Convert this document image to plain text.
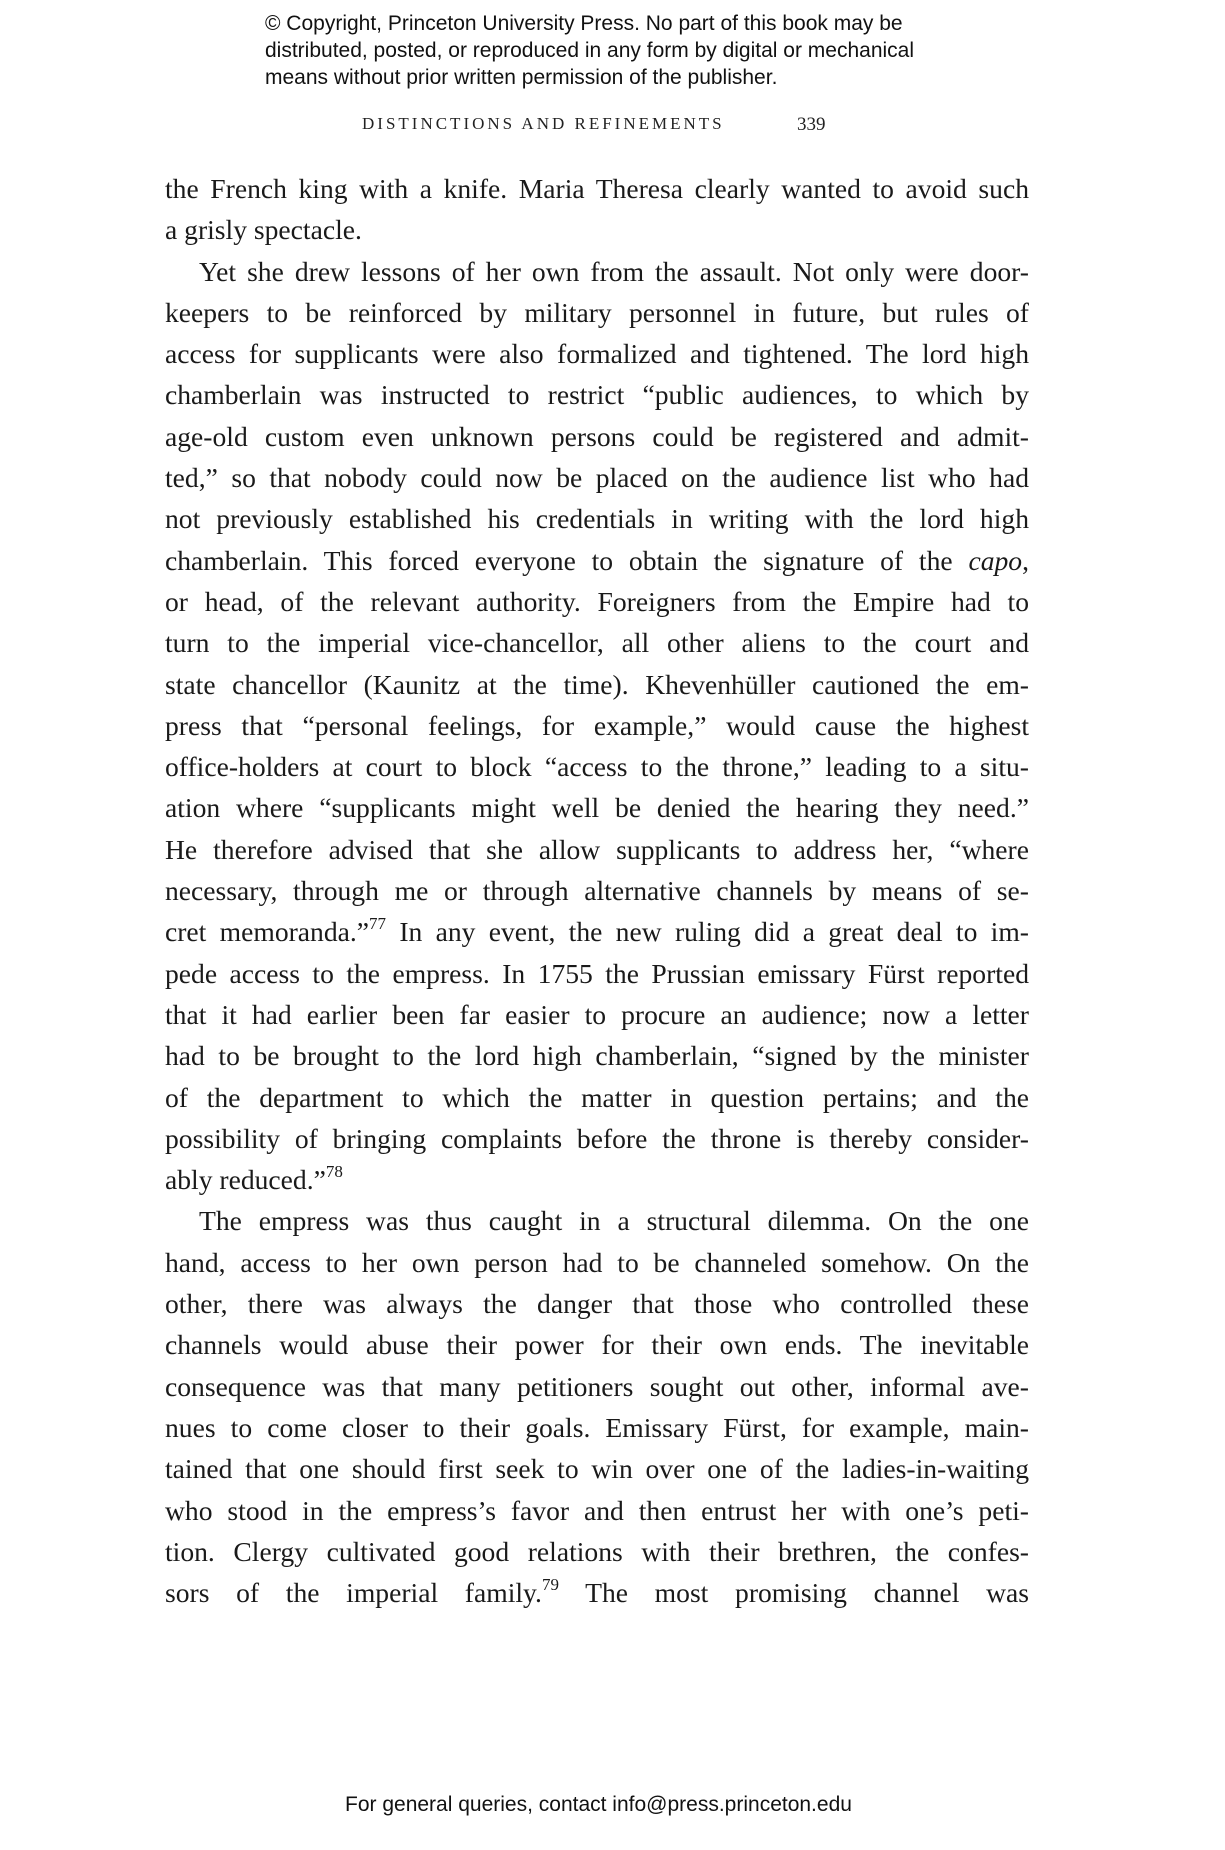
© Copyright, Princeton University Press. No part of this book may be
distributed, posted, or reproduced in any form by digital or mechanical
means without prior written permission of the publisher.
DISTINCTIONS AND REFINEMENTS	339
the French king with a knife. Maria Theresa clearly wanted to avoid such
a grisly spectacle.
Yet she drew lessons of her own from the assault. Not only were door-
keepers to be reinforced by military personnel in future, but rules of
access for supplicants were also formalized and tightened. The lord high
chamberlain was instructed to restrict “public audiences, to which by
age-old custom even unknown persons could be registered and admit-
ted,” so that nobody could now be placed on the audience list who had
not previously established his credentials in writing with the lord high
chamberlain. This forced everyone to obtain the signature of the capo,
or head, of the relevant authority. Foreigners from the Empire had to
turn to the imperial vice-chancellor, all other aliens to the court and
state chancellor (Kaunitz at the time). Khevenhüller cautioned the em-
press that “personal feelings, for example,” would cause the highest
office-holders at court to block “access to the throne,” leading to a situ-
ation where “supplicants might well be denied the hearing they need.”
He therefore advised that she allow supplicants to address her, “where
necessary, through me or through alternative channels by means of se-
cret memoranda.”$^{77}$ In any event, the new ruling did a great deal to im-
pede access to the empress. In 1755 the Prussian emissary Fürst reported
that it had earlier been far easier to procure an audience; now a letter
had to be brought to the lord high chamberlain, “signed by the minister
of the department to which the matter in question pertains; and the
possibility of bringing complaints before the throne is thereby consider-
ably reduced.”$^{78}$
The empress was thus caught in a structural dilemma. On the one
hand, access to her own person had to be channeled somehow. On the
other, there was always the danger that those who controlled these
channels would abuse their power for their own ends. The inevitable
consequence was that many petitioners sought out other, informal ave-
nues to come closer to their goals. Emissary Fürst, for example, main-
tained that one should first seek to win over one of the ladies-in-waiting
who stood in the empress’s favor and then entrust her with one’s peti-
tion. Clergy cultivated good relations with their brethren, the confes-
sors of the imperial family.$^{79}$ The most promising channel was
For general queries, contact info@press.princeton.edu
